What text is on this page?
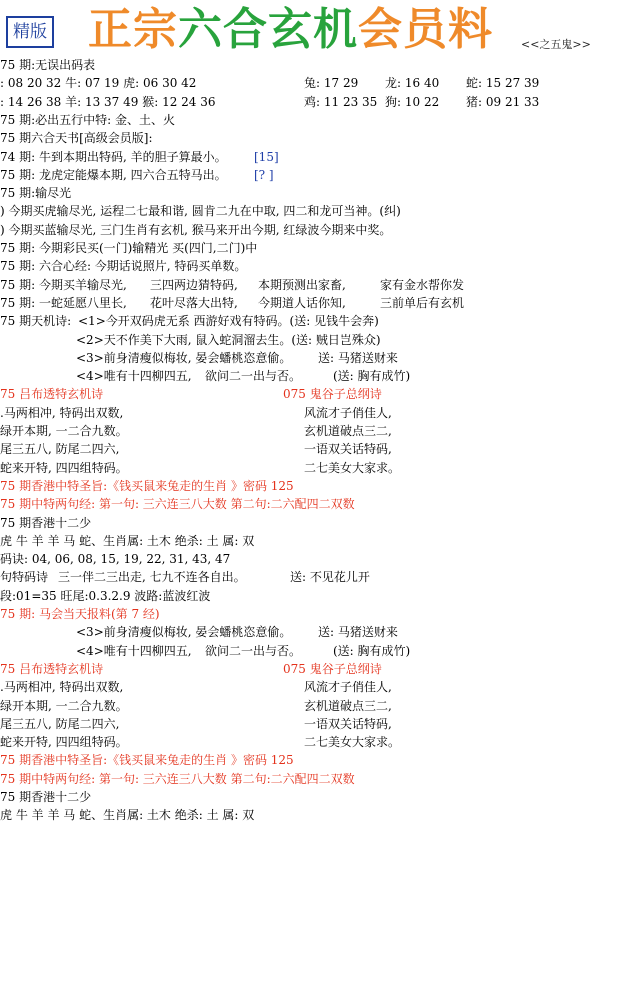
精版 正宗六合玄机会员料	<<之五鬼>>
75 期:无误出码表
: 08 20 32 牛: 07 19 虎: 06 30 42	兔: 17 29 龙: 16 40 蛇: 15 27 39
: 14 26 38 羊: 13 37 49 猴: 12 24 36	鸡: 11 23 35 狗: 10 22 猪: 09 21 33
75 期:必出五行中特: 金、土、火
75 期六合天书[高级会员版]:
74 期: 牛到本期出特码, 羊的胆子算最小。 [15]
75 期: 龙虎定能爆本期, 四六合五特马出。 [? ]
75 期:输尽光
) 今期买虎输尽光, 运程二七最和谐, 圆肯二九在中取, 四二和龙可当神。(纠)
) 今期买蓝输尽光, 三门生肖有玄机, 猴马来开出今期, 红绿波今期来中奖。
75 期: 今期彩民买(一门)输精光 买(四门,二门)中
75 期: 六合心经: 今期话说照片, 特码买单数。
75 期: 今期买羊输尽光, 三四两边猜特码, 本期预测出家畜,	家有金水帮你发
75 期: 一蛇延愿八里长, 花叶尽落大出特, 今期道人话你知,	三前单后有玄机
75 期天机诗: <1>今开双码虎无系 西游好戏有特码。(送: 见钱牛会奔)
<2>天不作美下大雨, 鼠入蛇洞溜去生。(送: 贼日岂殊众)
<3>前身清瘦似梅妆, 晏会蟠桃恣意偷。 送: 马猪送财来
<4>唯有十四柳四五, 欲问二一出与否。	(送: 胸有成竹)
75 吕布透特玄机诗	075 鬼谷子总纲诗
.马两相冲, 特码出双数,	风流才子俏佳人,
绿开本期, 一二合九数。	玄机道破点三二,
尾三五八, 防尾二四六,	一语双关话特码,
蛇来开特, 四四组特码。	二七美女大家求。
75 期香港中特圣旨:《钱买鼠来兔走的生肖 》密码 125
75 期中特两句经: 第一句: 三六连三八大数 第二句:二六配四二双数
75 期香港十二少
虎 牛 羊 羊 马 蛇、生肖属: 土木 绝杀: 土 属: 双
码诀: 04, 06, 08, 15, 19, 22, 31, 43, 47
句特码诗 三一伴二三出走, 七九不连各自出。	送: 不见花儿开
段:01=35 旺尾:0.3.2.9 波路:蓝波红波
75 期: 马会当天报料(第 7 经)
<3>前身清瘦似梅妆, 晏会蟠桃恣意偷。 送: 马猪送财来
<4>唯有十四柳四五, 欲问二一出与否。	(送: 胸有成竹)
75 吕布透特玄机诗	075 鬼谷子总纲诗
.马两相冲, 特码出双数,	风流才子俏佳人,
绿开本期, 一二合九数。	玄机道破点三二,
尾三五八, 防尾二四六,	一语双关话特码,
蛇来开特, 四四组特码。	二七美女大家求。
75 期香港中特圣旨:《钱买鼠来兔走的生肖 》密码 125
75 期中特两句经: 第一句: 三六连三八大数 第二句:二六配四二双数
75 期香港十二少
虎 牛 羊 羊 马 蛇、生肖属: 土木 绝杀: 土 属: 双
